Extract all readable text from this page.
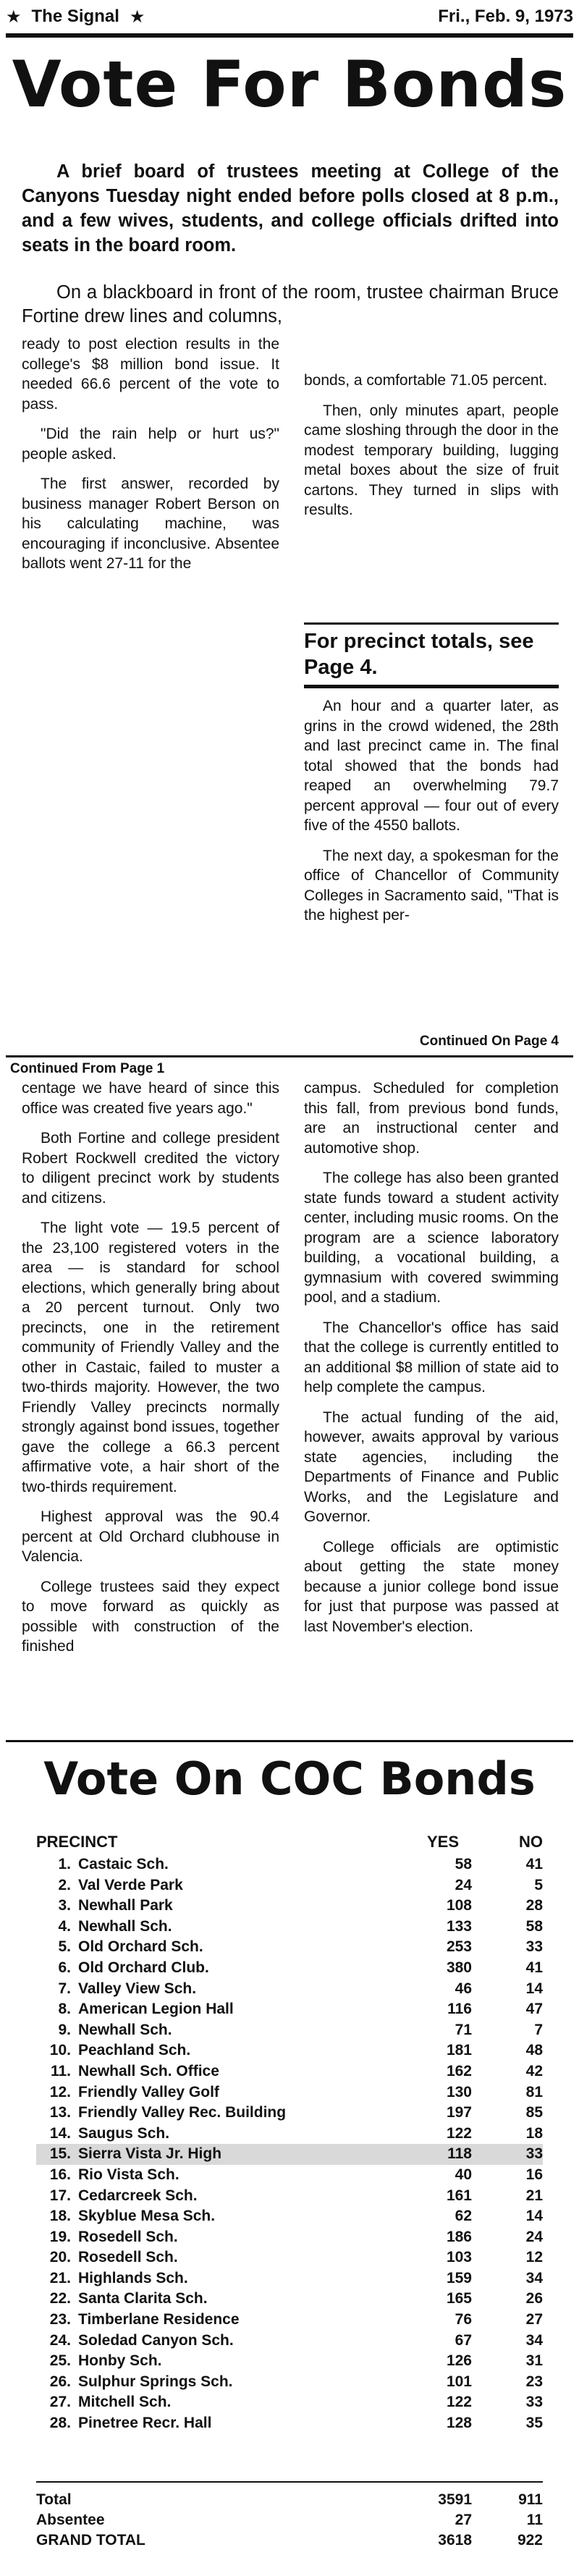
★ The Signal ★	Fri., Feb. 9, 1973
Vote For Bonds
A brief board of trustees meeting at College of the Canyons Tuesday night ended before polls closed at 8 p.m., and a few wives, students, and college officials drifted into seats in the board room.
On a blackboard in front of the room, trustee chairman Bruce Fortine drew lines and columns,

ready to post election results in the college's $8 million bond issue. It needed 66.6 percent of the vote to pass.

"Did the rain help or hurt us?" people asked.

The first answer, recorded by business manager Robert Berson on his calculating machine, was encouraging if inconclusive. Absentee ballots went 27-11 for the

bonds, a comfortable 71.05 percent.

Then, only minutes apart, people came sloshing through the door in the modest temporary building, lugging metal boxes about the size of fruit cartons. They turned in slips with results.

For precinct totals, see Page 4.

An hour and a quarter later, as grins in the crowd widened, the 28th and last precinct came in. The final total showed that the bonds had reaped an overwhelming 79.7 percent approval — four out of every five of the 4550 ballots.

The next day, a spokesman for the office of Chancellor of Community Colleges in Sacramento said, "That is the highest per-

Continued On Page 4
Continued From Page 1

centage we have heard of since this office was created five years ago."

Both Fortine and college president Robert Rockwell credited the victory to diligent precinct work by students and citizens.

The light vote — 19.5 percent of the 23,100 registered voters in the area — is standard for school elections, which generally bring about a 20 percent turnout. Only two precincts, one in the retirement community of Friendly Valley and the other in Castaic, failed to muster a two-thirds majority. However, the two Friendly Valley precincts normally strongly against bond issues, together gave the college a 66.3 percent affirmative vote, a hair short of the two-thirds requirement.

Highest approval was the 90.4 percent at Old Orchard clubhouse in Valencia.

College trustees said they expect to move forward as quickly as possible with construction of the finished

campus. Scheduled for completion this fall, from previous bond funds, are an instructional center and automotive shop.

The college has also been granted state funds toward a student activity center, including music rooms. On the program are a science laboratory building, a vocational building, a gymnasium with covered swimming pool, and a stadium.

The Chancellor's office has said that the college is currently entitled to an additional $8 million of state aid to help complete the campus.

The actual funding of the aid, however, awaits approval by various state agencies, including the Departments of Finance and Public Works, and the Legislature and Governor.

College officials are optimistic about getting the state money because a junior college bond issue for just that purpose was passed at last November's election.

Vote On COC Bonds
PRECINCT	YES	NO
1. Castaic Sch.	58	41
2. Val Verde Park	24	5
3. Newhall Park	108	28
4. Newhall Sch.	133	58
5. Old Orchard Sch.	253	33
6. Old Orchard Club.	380	41
7. Valley View Sch.	46	14
8. American Legion Hall	116	47
9. Newhall Sch.	71	7
10. Peachland Sch.	181	48
11. Newhall Sch. Office	162	42
12. Friendly Valley Golf	130	81
13. Friendly Valley Rec. Building	197	85
14. Saugus Sch.	122	18
15. Sierra Vista Jr. High	118	33
16. Rio Vista Sch.	40	16
17. Cedarcreek Sch.	161	21
18. Skyblue Mesa Sch.	62	14
19. Rosedell Sch.	186	24
20. Rosedell Sch.	103	12
21. Highlands Sch.	159	34
22. Santa Clarita Sch.	165	26
23. Timberlane Residence	76	27
24. Soledad Canyon Sch.	67	34
25. Honby Sch.	126	31
26. Sulphur Springs Sch.	101	23
27. Mitchell Sch.	122	33
28. Pinetree Recr. Hall	128	35
Total	3591	911
Absentee	27	11
GRAND TOTAL	3618	922
